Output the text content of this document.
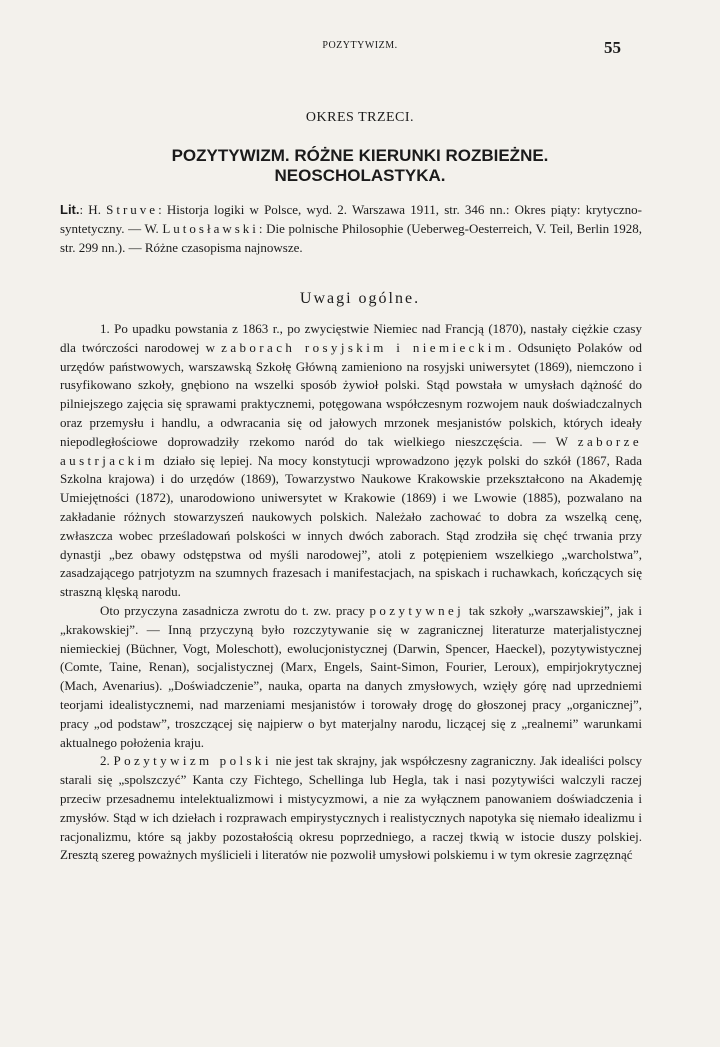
POZYTYWIZM.	55
OKRES TRZECI.
POZYTYWIZM. RÓŻNE KIERUNKI ROZBIEŻNE.
NEOSCHOLASTYKA.
Lit.: H. Struve: Historja logiki w Polsce, wyd. 2. Warszawa 1911, str. 346 nn.: Okres piąty: krytyczno-syntetyczny. — W. Lutosławski: Die polnische Philosophie (Ueberweg-Oesterreich, V. Teil, Berlin 1928, str. 299 nn.). — Różne czasopisma najnowsze.
Uwagi ogólne.

1. Po upadku powstania z 1863 r., po zwycięstwie Niemiec nad Francją (1870), nastały ciężkie czasy dla twórczości narodowej w zaborach rosyjskim i niemieckim. Odsunięto Polaków od urzędów państwowych, warszawską Szkołę Główną zamieniono na rosyjski uniwersytet (1869), niemczono i rusyfikowano szkoły, gnębiono na wszelki sposób żywioł polski. Stąd powstała w umysłach dążność do pilniejszego zajęcia się sprawami praktycznemi, potęgowana współczesnym rozwojem nauk doświadczalnych oraz przemysłu i handlu, a odwracania się od jałowych mrzonek mesjanistów polskich, których ideały niepodległościowe doprowadziły rzekomo naród do tak wielkiego nieszczęścia. — W zaborze austrjackim działo się lepiej. Na mocy konstytucji wprowadzono język polski do szkół (1867, Rada Szkolna krajowa) i do urzędów (1869), Towarzystwo Naukowe Krakowskie przekształcono na Akademję Umiejętności (1872), unarodowiono uniwersytet w Krakowie (1869) i we Lwowie (1885), pozwalano na zakładanie różnych stowarzyszeń naukowych polskich. Należało zachować to dobra za wszelką cenę, zwłaszcza wobec prześladowań polskości w innych dwóch zaborach. Stąd zrodziła się chęć trwania przy dynastji „bez obawy odstępstwa od myśli narodowej”, atoli z potępieniem wszelkiego „warcholstwa”, zasadzającego patrjotyzm na szumnych frazesach i manifestacjach, na spiskach i ruchawkach, kończących się straszną klęską narodu.

Oto przyczyna zasadnicza zwrotu do t. zw. pracy pozytywnej tak szkoły „warszawskiej”, jak i „krakowskiej”. — Inną przyczyną było rozczytywanie się w zagranicznej literaturze materjalistycznej niemieckiej (Büchner, Vogt, Moleschott), ewolucjonistycznej (Darwin, Spencer, Haeckel), pozytywistycznej (Comte, Taine, Renan), socjalistycznej (Marx, Engels, Saint-Simon, Fourier, Leroux), empirjokrytycznej (Mach, Avenarius). „Doświadczenie”, nauka, oparta na danych zmysłowych, wzięły górę nad uprzedniemi teorjami idealistycznemi, nad marzeniami mesjanistów i torowały drogę do głoszonej pracy „organicznej”, pracy „od podstaw”, troszczącej się najpierw o byt materjalny narodu, liczącej się z „realnemi” warunkami aktualnego położenia kraju.

2. Pozytywizm polski nie jest tak skrajny, jak współczesny zagraniczny. Jak idealiści polscy starali się „spolszczyć” Kanta czy Fichtego, Schellinga lub Hegla, tak i nasi pozytywiści walczyli raczej przeciw przesadnemu intelektualizmowi i mistycyzmowi, a nie za wyłącznem panowaniem doświadczenia i zmysłów. Stąd w ich dziełach i rozprawach empirystycznych i realistycznych napotyka się niemało idealizmu i racjonalizmu, które są jakby pozostałością okresu poprzedniego, a raczej tkwią w istocie duszy polskiej. Zresztą szereg poważnych myślicieli i literatów nie pozwolił umysłowi polskiemu i w tym okresie zagrzęznąć
